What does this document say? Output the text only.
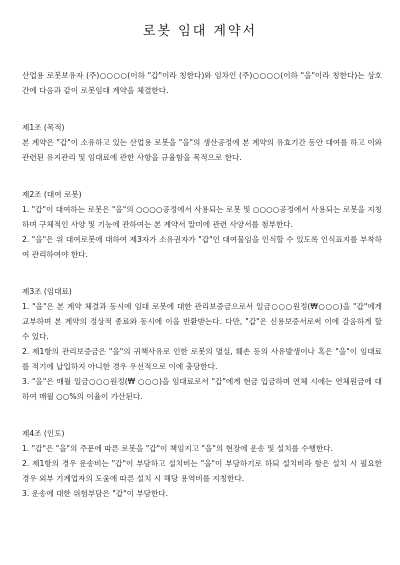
로봇 임대 계약서

산업용 로봇보유자 (주)○○○○(이하 "갑"이라 칭한다)와 임차인 (주)○○○○(이하 "을"이라 칭한다)는 상호간에 다음과 같이 로봇임대 계약을 체결한다.

제1조 (목적)

본 계약은 "갑"이 소유하고 있는 산업용 로봇을 "을"의 생산공정에 본 계약의 유효기간 동안 대여를 하고 이와 관련된 유지관리 및 임대료에 관한 사항을 규율함을 목적으로 한다.

제2조 (대여 로봇)

1. "갑"이 대여하는 로봇은 "을"의 ○○○○공정에서 사용되는 로봇 및 ○○○○공정에서 사용되는 로봇을 지칭하며 구체적인 사양 및 기능에 관하여는 본 계약서 말미에 관련 사양서를 첨부한다.

2. "을"은 위 대여로봇에 대하여 제3자가 소유권자가 "갑"인 대여물임을 인식할 수 있도록 인식표지를 부착하여 관리하여야 한다.

제3조 (임대료)

1. "을"은 본 계약 체결과 동시에 임대 로봇에 대한 관리보증금으로서 일금○○○원정(₩○○○)을 "갑"에게 교부하며 본 계약의 정상적 종료와 동시에 이을 반환받는다. 다만, "갑"은 신용보증서로써 이에 갈음하게 할 수 있다.

2. 제1항의 관리보증금은 "을"의 귀책사유로 인한 로봇의 멸실, 훼손 등의 사유발생이나 혹은 "을"이 임대료를 적기에 납입하지 아니한 경우 우선적으로 이에 충당한다.

3. "을"은 매월 일금○○○원정(₩ ○○○)을 임대료로서 "갑"에게 현금 입금하며 연체 시에는 연체원금에 대하여 매월 ○○%의 이율이 가산된다.

제4조 (인도)

1. "갑"은 "을"의 주문에 따른 로봇을 "갑"이 책임지고 "을"의 현장에 운송 및 설치를 수행한다.

2. 제1항의 경우 운송비는 "갑"이 부담하고 설치비는 "을"이 부담하기로 하되 설치비라 함은 설치 시 필요한 경우 외부 기계업자의 도움에 따른 설치 시 해당 용역비를 지칭한다.

3. 운송에 대한 위험부담은 "갑"이 부담한다.
